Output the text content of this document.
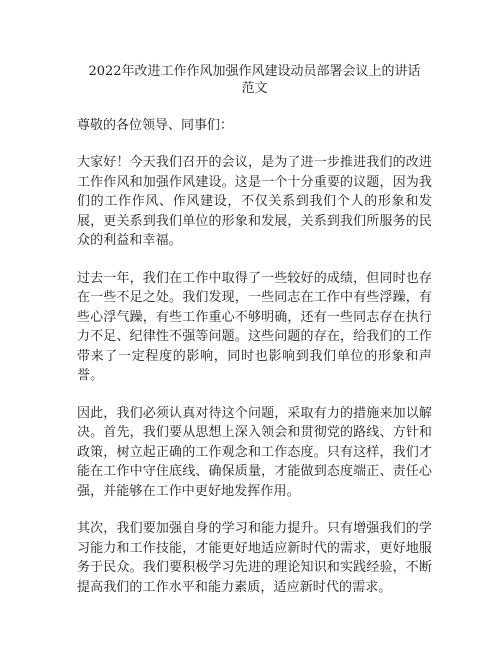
2022年改进工作作风加强作风建设动员部署会议上的讲话范文

尊敬的各位领导、同事们：

大家好！今天我们召开的会议，是为了进一步推进我们的改进工作作风和加强作风建设。这是一个十分重要的议题，因为我们的工作作风、作风建设，不仅关系到我们个人的形象和发展，更关系到我们单位的形象和发展，关系到我们所服务的民众的利益和幸福。

过去一年，我们在工作中取得了一些较好的成绩，但同时也存在一些不足之处。我们发现，一些同志在工作中有些浮躁，有些心浮气躁，有些工作重心不够明确，还有一些同志存在执行力不足、纪律性不强等问题。这些问题的存在，给我们的工作带来了一定程度的影响，同时也影响到我们单位的形象和声誉。

因此，我们必须认真对待这个问题，采取有力的措施来加以解决。首先，我们要从思想上深入领会和贯彻党的路线、方针和政策，树立起正确的工作观念和工作态度。只有这样，我们才能在工作中守住底线、确保质量，才能做到态度端正、责任心强，并能够在工作中更好地发挥作用。

其次，我们要加强自身的学习和能力提升。只有增强我们的学习能力和工作技能，才能更好地适应新时代的需求，更好地服务于民众。我们要积极学习先进的理论知识和实践经验，不断提高我们的工作水平和能力素质，适应新时代的需求。
